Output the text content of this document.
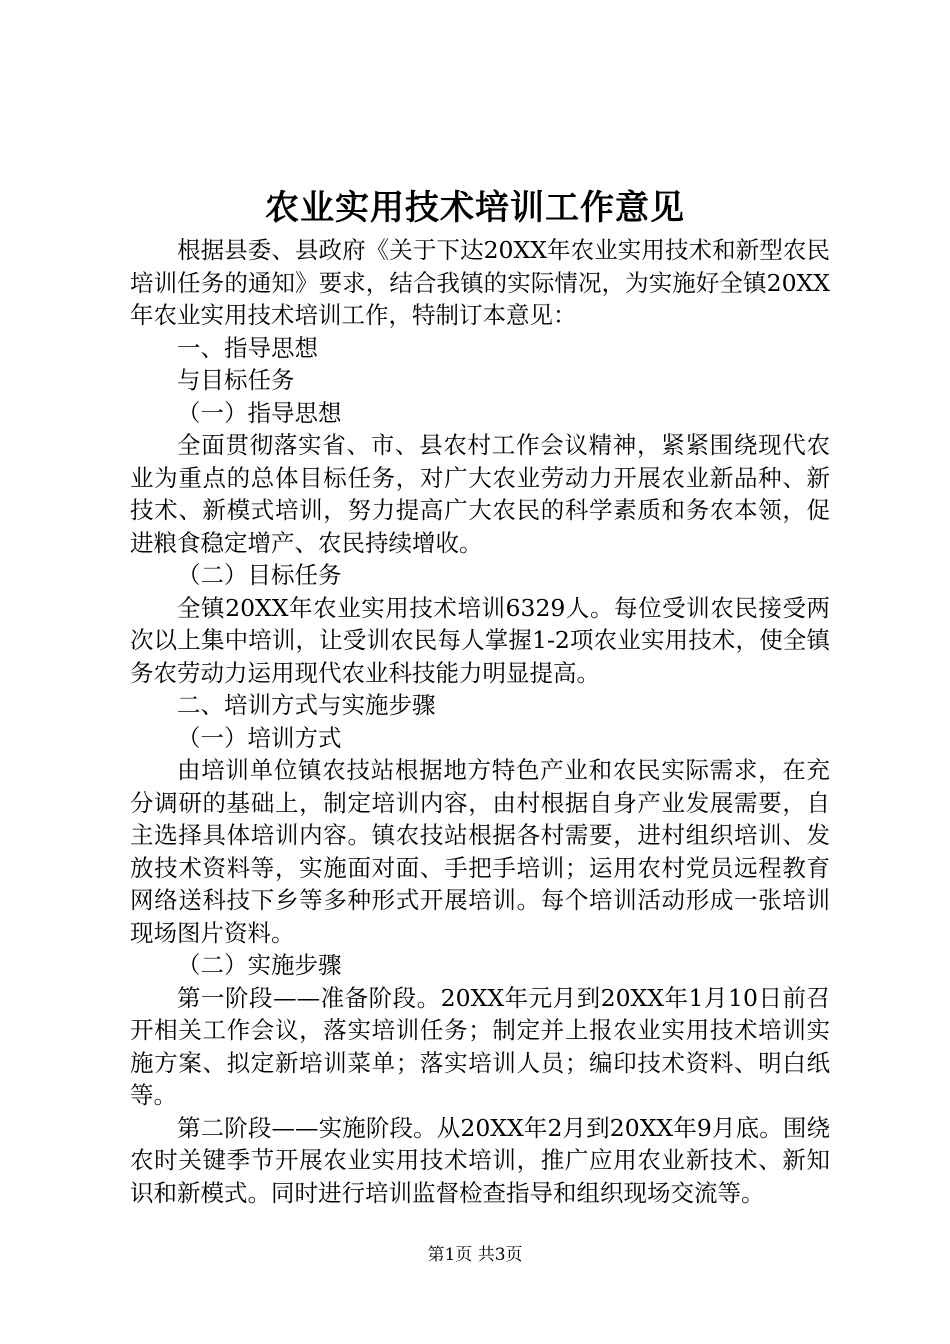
农业实用技术培训工作意见

根据县委、县政府《关于下达20XX年农业实用技术和新型农民培训任务的通知》要求，结合我镇的实际情况，为实施好全镇20XX年农业实用技术培训工作，特制订本意见：

一、指导思想

与目标任务

（一）指导思想

全面贯彻落实省、市、县农村工作会议精神，紧紧围绕现代农业为重点的总体目标任务，对广大农业劳动力开展农业新品种、新技术、新模式培训，努力提高广大农民的科学素质和务农本领，促进粮食稳定增产、农民持续增收。

（二）目标任务

全镇20XX年农业实用技术培训6329人。每位受训农民接受两次以上集中培训，让受训农民每人掌握1-2项农业实用技术，使全镇务农劳动力运用现代农业科技能力明显提高。

二、培训方式与实施步骤

（一）培训方式

由培训单位镇农技站根据地方特色产业和农民实际需求，在充分调研的基础上，制定培训内容，由村根据自身产业发展需要，自主选择具体培训内容。镇农技站根据各村需要，进村组织培训、发放技术资料等，实施面对面、手把手培训；运用农村党员远程教育网络送科技下乡等多种形式开展培训。每个培训活动形成一张培训现场图片资料。

（二）实施步骤

第一阶段——准备阶段。20XX年元月到20XX年1月10日前召开相关工作会议，落实培训任务；制定并上报农业实用技术培训实施方案、拟定新培训菜单；落实培训人员；编印技术资料、明白纸等。

第二阶段——实施阶段。从20XX年2月到20XX年9月底。围绕农时关键季节开展农业实用技术培训，推广应用农业新技术、新知识和新模式。同时进行培训监督检查指导和组织现场交流等。

第1页 共3页
